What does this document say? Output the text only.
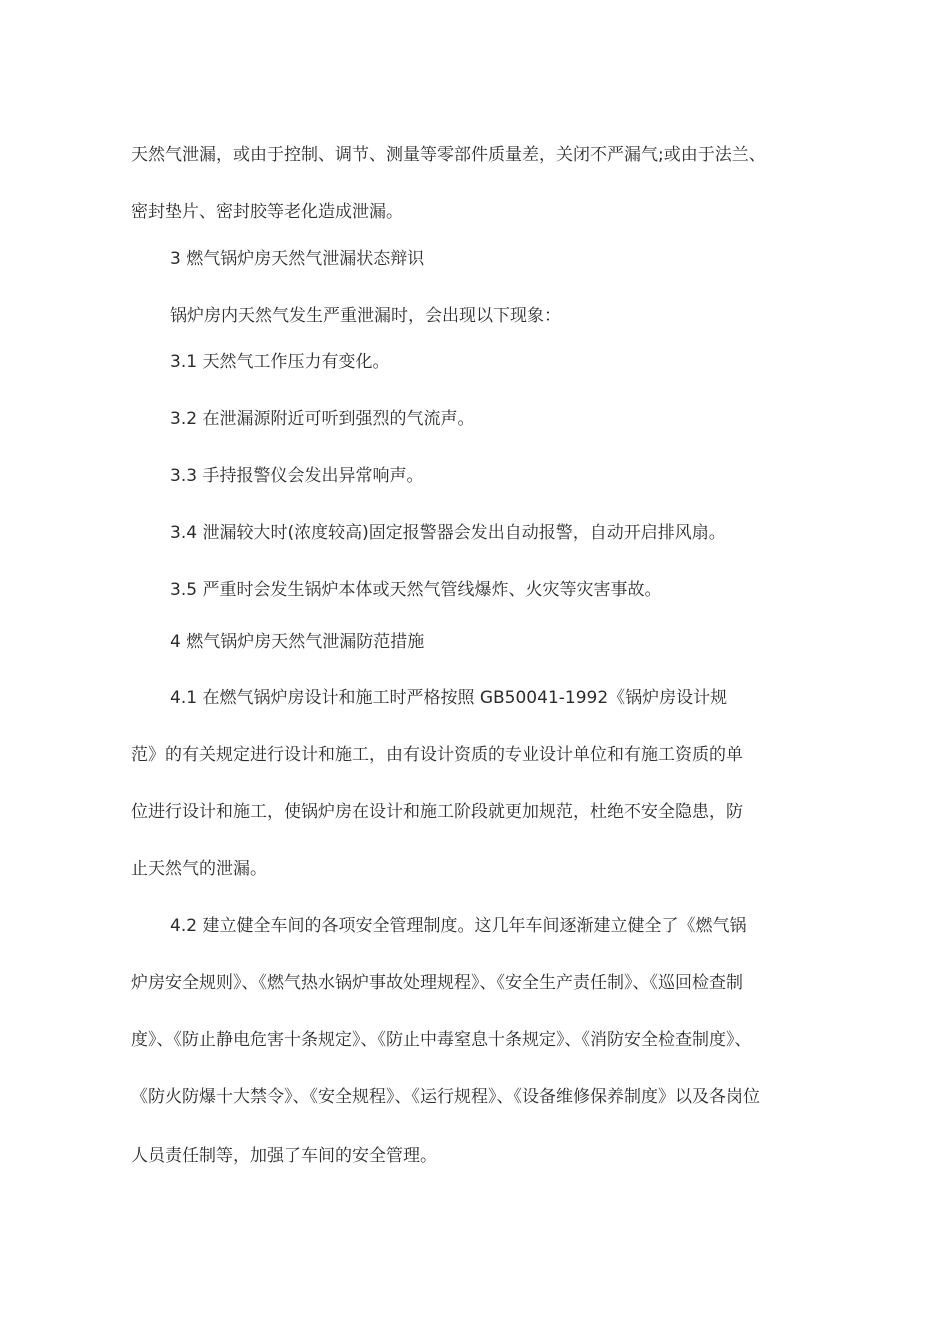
天然气泄漏，或由于控制、调节、测量等零部件质量差，关闭不严漏气;或由于法兰、
密封垫片、密封胶等老化造成泄漏。
3 燃气锅炉房天然气泄漏状态辩识
锅炉房内天然气发生严重泄漏时，会出现以下现象：
3.1 天然气工作压力有变化。
3.2 在泄漏源附近可听到强烈的气流声。
3.3 手持报警仪会发出异常响声。
3.4 泄漏较大时(浓度较高)固定报警器会发出自动报警，自动开启排风扇。
3.5 严重时会发生锅炉本体或天然气管线爆炸、火灾等灾害事故。
4 燃气锅炉房天然气泄漏防范措施
4.1 在燃气锅炉房设计和施工时严格按照 GB50041-1992《锅炉房设计规
范》的有关规定进行设计和施工，由有设计资质的专业设计单位和有施工资质的单
位进行设计和施工，使锅炉房在设计和施工阶段就更加规范，杜绝不安全隐患，防
止天然气的泄漏。
4.2 建立健全车间的各项安全管理制度。这几年车间逐渐建立健全了《燃气锅
炉房安全规则》、《燃气热水锅炉事故处理规程》、《安全生产责任制》、《巡回检查制
度》、《防止静电危害十条规定》、《防止中毒窒息十条规定》、《消防安全检查制度》、
《防火防爆十大禁令》、《安全规程》、《运行规程》、《设备维修保养制度》以及各岗位
人员责任制等，加强了车间的安全管理。
